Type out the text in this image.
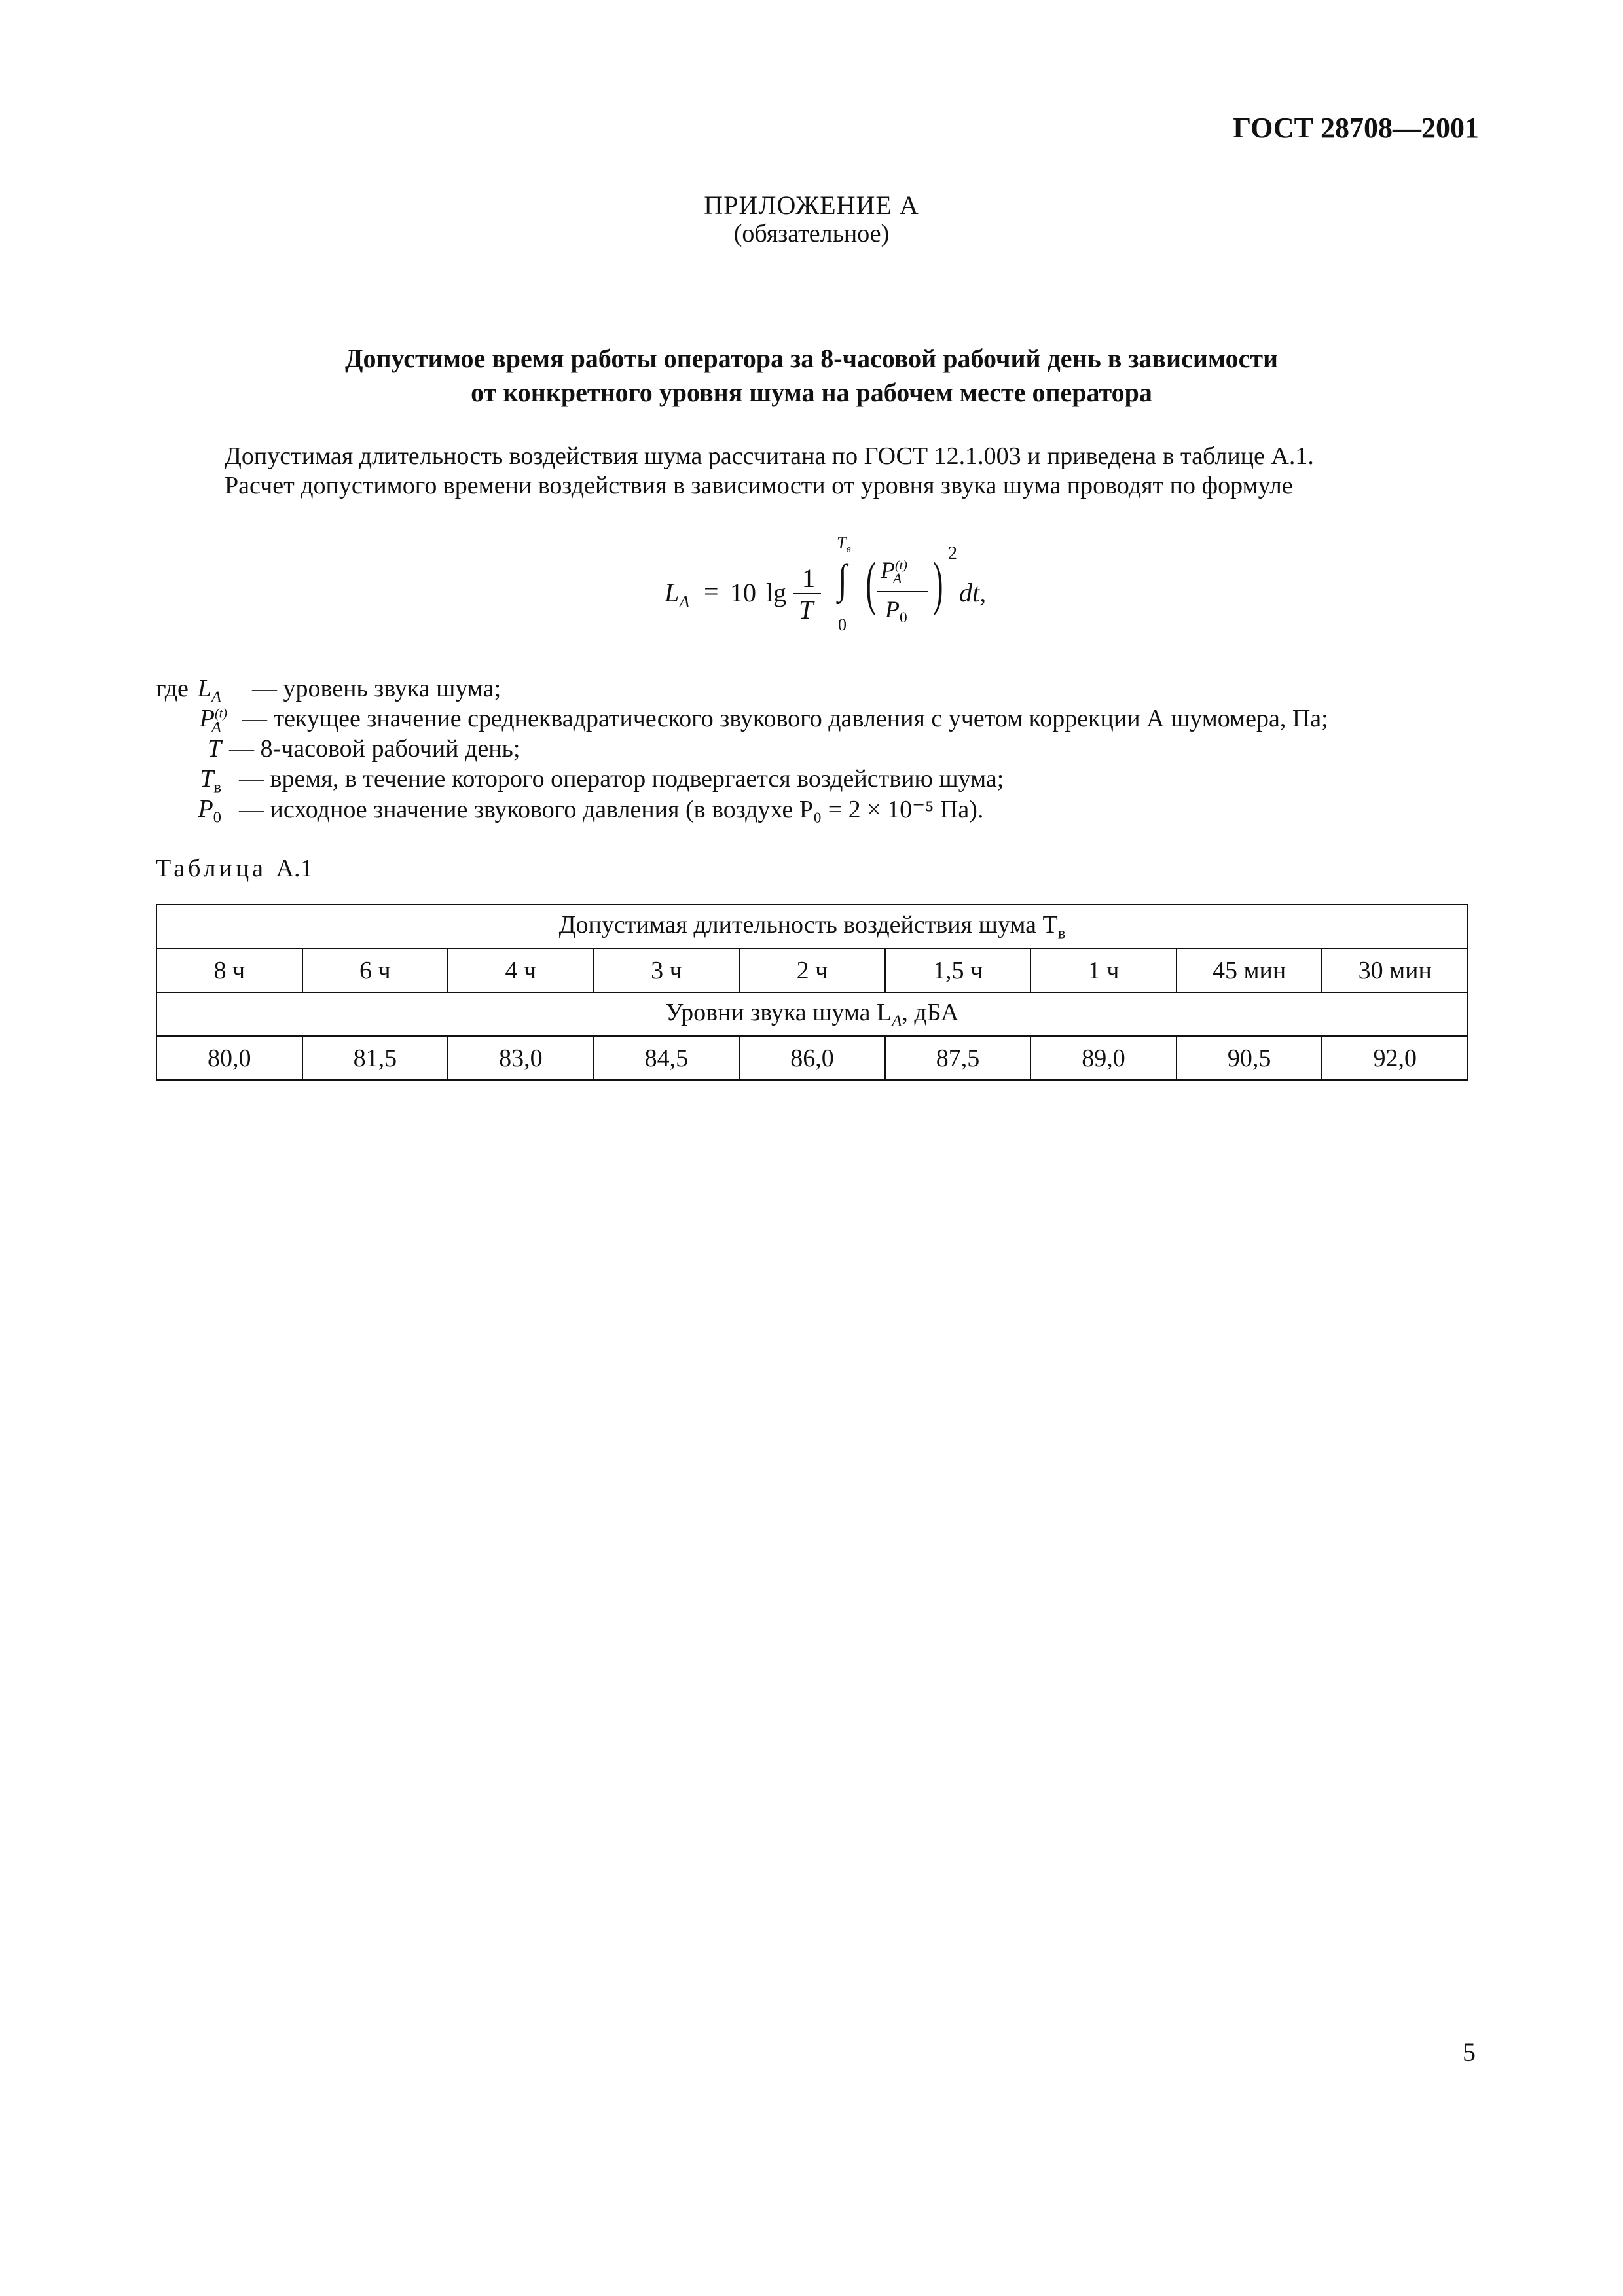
ГОСТ 28708—2001
ПРИЛОЖЕНИЕ А
(обязательное)
Допустимое время работы оператора за 8-часовой рабочий день в зависимости
от конкретного уровня шума на рабочем месте оператора
Допустимая длительность воздействия шума рассчитана по ГОСТ 12.1.003 и приведена в таблице А.1.
Расчет допустимого времени воздействия в зависимости от уровня звука шума проводят по формуле
$L_A = 10$ lg 1
T
$T_в$
∫
0
( $P^{(t)}_A$
$P_0$
) 2
dt,
где $L_A$ — уровень звука шума;
$P^{(t)}_A$ — текущее значение среднеквадратического звукового давления с учетом коррекции А шумомера, Па;
T — 8-часовой рабочий день;
$T_в$ — время, в течение которого оператор подвергается воздействию шума;
$P_0$ — исходное значение звукового давления (в воздухе P₀ = 2 × 10⁻⁵ Па).
Таблица А.1
Допустимая длительность воздействия шума $T_в$
8 ч	6 ч	4 ч	3 ч	2 ч	1,5 ч	1 ч	45 мин	30 мин
Уровни звука шума $L_A$, дБА								
80,0	81,5	83,0	84,5	86,0	87,5	89,0	90,5	92,0
5
